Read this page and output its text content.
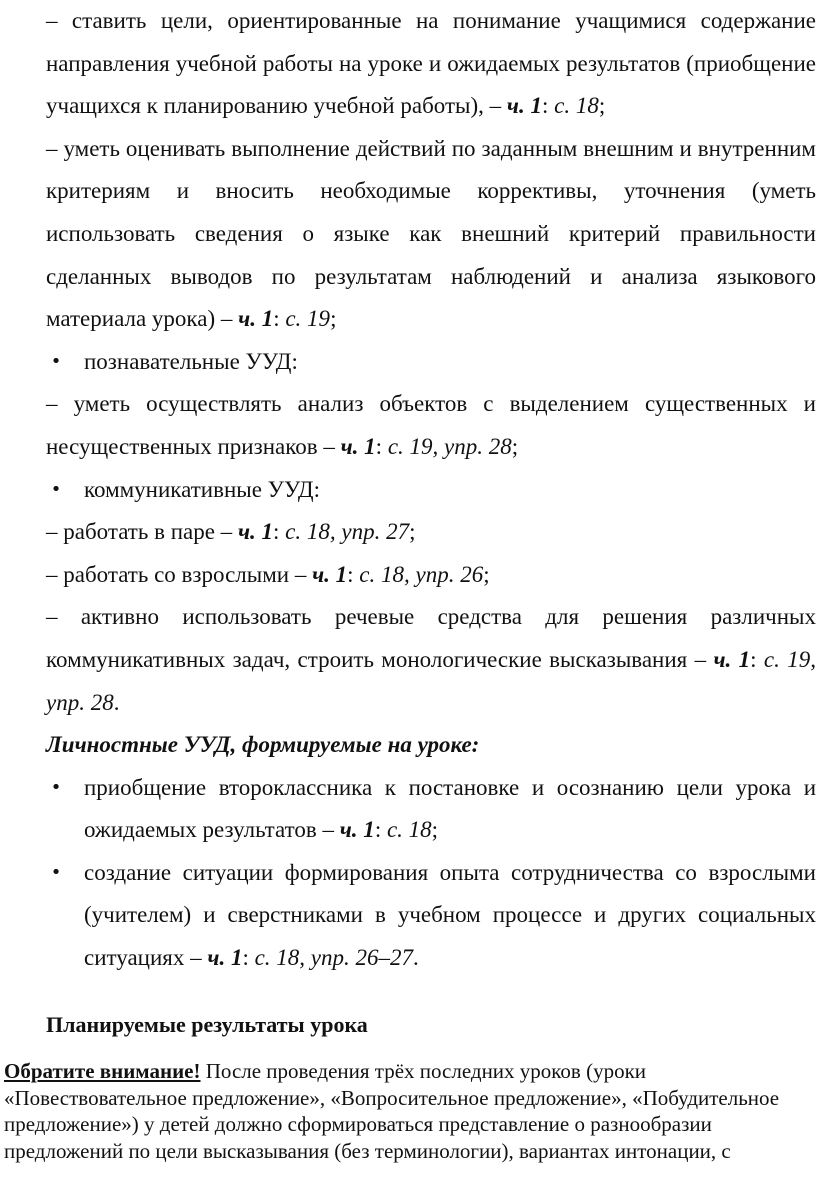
– ставить цели, ориентированные на понимание учащимися содержание направления учебной работы на уроке и ожидаемых результатов (приобщение учащихся к планированию учебной работы), – ч. 1: с. 18;

– уметь оценивать выполнение действий по заданным внешним и внутренним критериям и вносить необходимые коррективы, уточнения (уметь использовать сведения о языке как внешний критерий правильности сделанных выводов по результатам наблюдений и анализа языкового материала урока) – ч. 1: с. 19;

• познавательные УУД:

– уметь осуществлять анализ объектов с выделением существенных и несущественных признаков – ч. 1: с. 19, упр. 28;

• коммуникативные УУД:

– работать в паре – ч. 1: с. 18, упр. 27;

– работать со взрослыми – ч. 1: с. 18, упр. 26;

– активно использовать речевые средства для решения различных коммуникативных задач, строить монологические высказывания – ч. 1: с. 19, упр. 28.

Личностные УУД, формируемые на уроке:

• приобщение второклассника к постановке и осознанию цели урока и ожидаемых результатов – ч. 1: с. 18;

• создание ситуации формирования опыта сотрудничества со взрослыми (учителем) и сверстниками в учебном процессе и других социальных ситуациях – ч. 1: с. 18, упр. 26–27.

Планируемые результаты урока

Обратите внимание! После проведения трёх последних уроков (уроки «Повествовательное предложение», «Вопросительное предложение», «Побудительное предложение») у детей должно сформироваться представление о разнообразии предложений по цели высказывания (без терминологии), вариантах интонации, с
